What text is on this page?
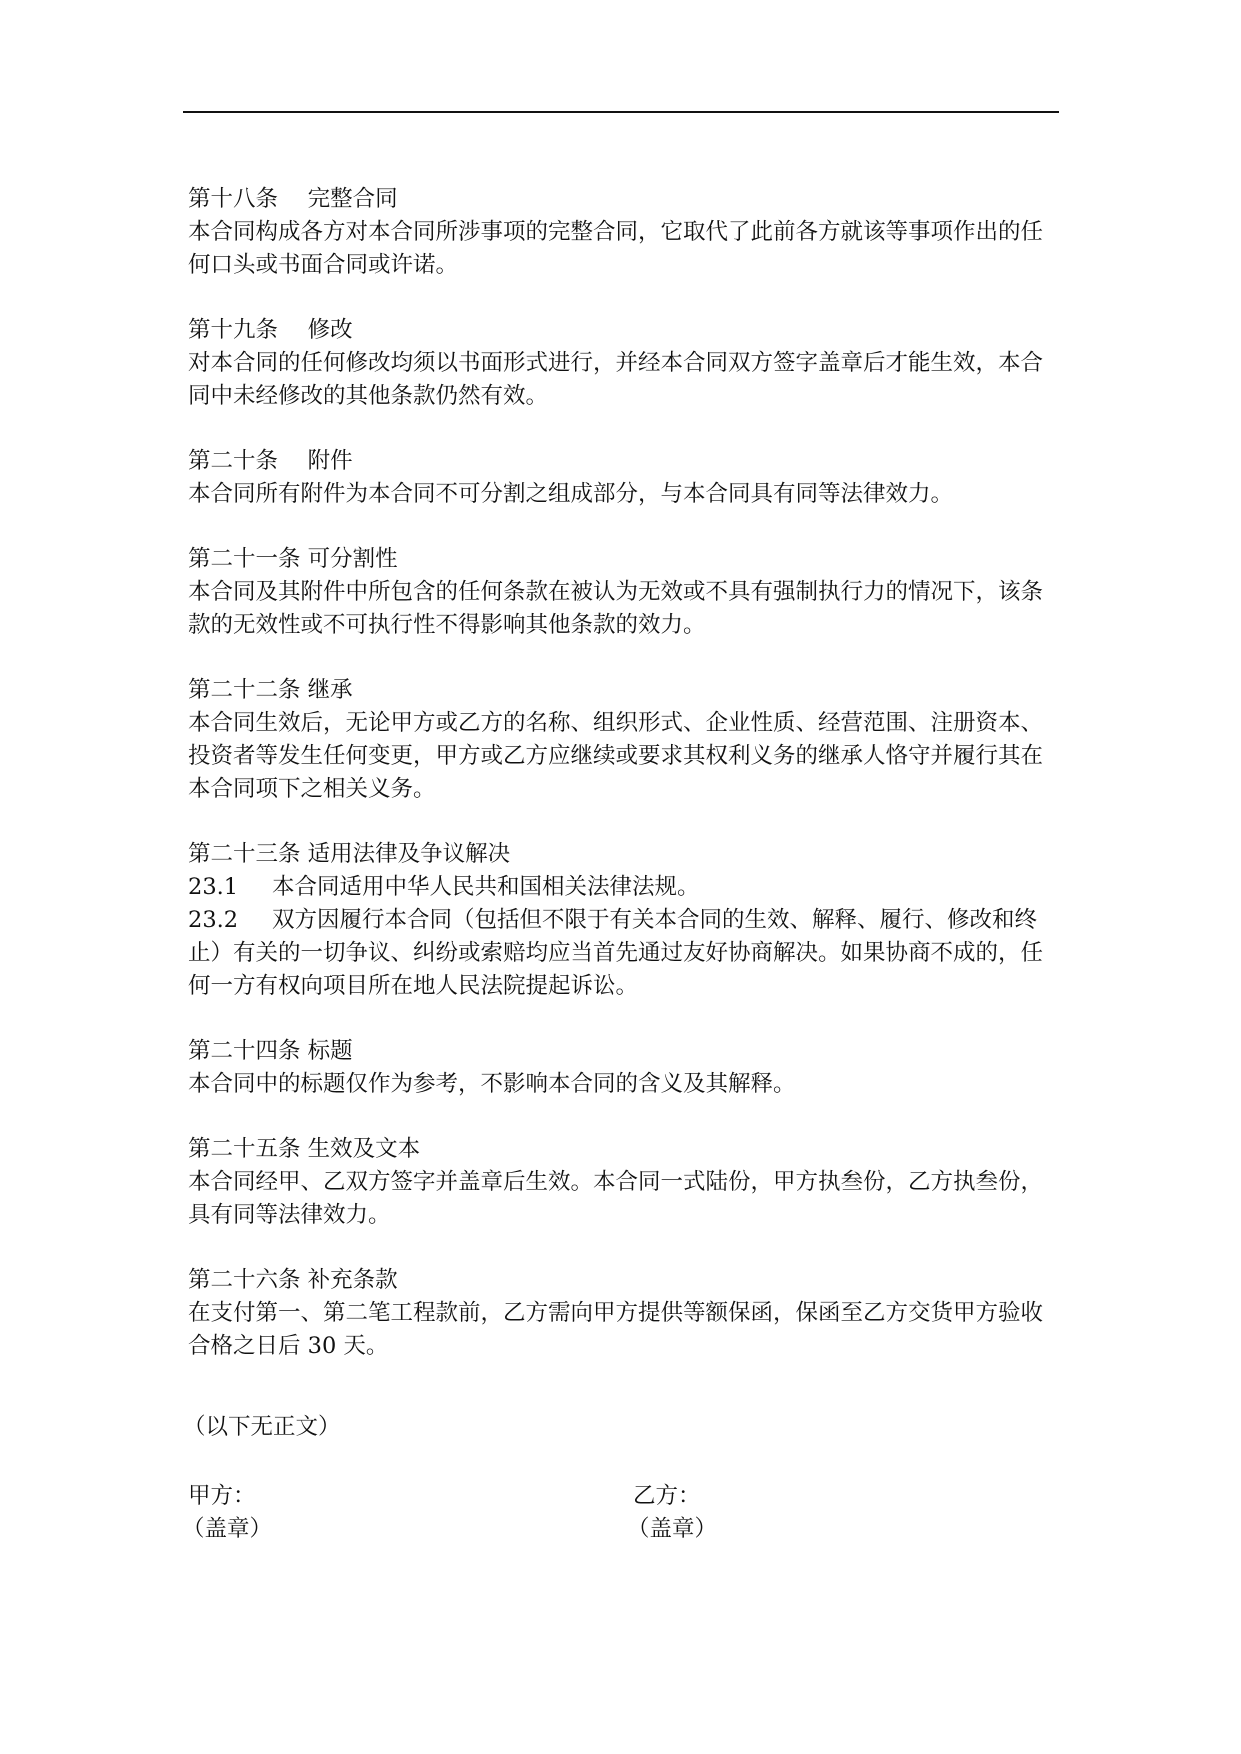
第十八条　 完整合同

本合同构成各方对本合同所涉事项的完整合同，它取代了此前各方就该等事项作出的任何口头或书面合同或许诺。

第十九条　 修改

对本合同的任何修改均须以书面形式进行，并经本合同双方签字盖章后才能生效，本合同中未经修改的其他条款仍然有效。

第二十条　 附件

本合同所有附件为本合同不可分割之组成部分，与本合同具有同等法律效力。

第二十一条 可分割性

本合同及其附件中所包含的任何条款在被认为无效或不具有强制执行力的情况下，该条款的无效性或不可执行性不得影响其他条款的效力。

第二十二条 继承

本合同生效后，无论甲方或乙方的名称、组织形式、企业性质、经营范围、注册资本、投资者等发生任何变更，甲方或乙方应继续或要求其权利义务的继承人恪守并履行其在本合同项下之相关义务。

第二十三条 适用法律及争议解决

23.1 本合同适用中华人民共和国相关法律法规。

23.2 双方因履行本合同（包括但不限于有关本合同的生效、解释、履行、修改和终止）有关的一切争议、纠纷或索赔均应当首先通过友好协商解决。如果协商不成的，任何一方有权向项目所在地人民法院提起诉讼。

第二十四条 标题

本合同中的标题仅作为参考，不影响本合同的含义及其解释。

第二十五条 生效及文本

本合同经甲、乙双方签字并盖章后生效。本合同一式陆份，甲方执叁份，乙方执叁份，具有同等法律效力。

第二十六条 补充条款

在支付第一、第二笔工程款前，乙方需向甲方提供等额保函，保函至乙方交货甲方验收合格之日后 30 天。

（以下无正文）
甲方：
（盖章）
乙方：
（盖章）
